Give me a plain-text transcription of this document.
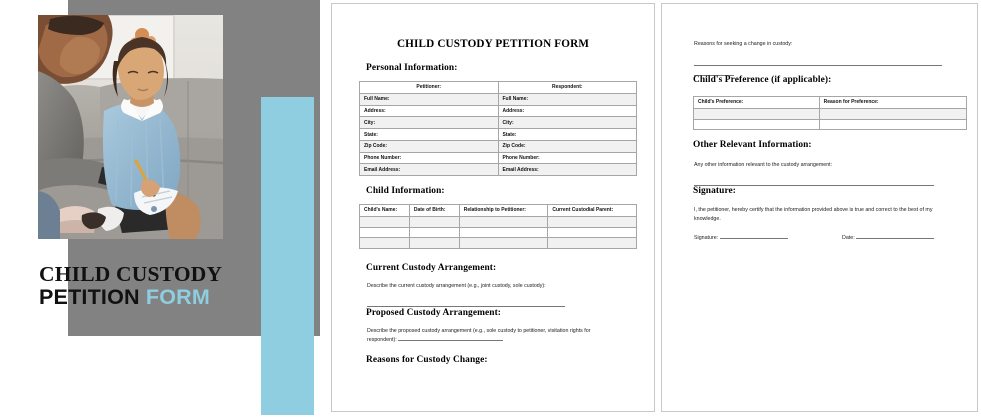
CHILD CUSTODY
PETITION FORM
CHILD CUSTODY PETITION FORM
Personal Information:
Petitioner:	Respondent:
Full Name:	Full Name:
Address:	Address:
City:	City:
State:	State:
Zip Code:	Zip Code:
Phone Number:	Phone Number:
Email Address:	Email Address:
Child Information:
Child's Name:	Date of Birth:	Relationship to Petitioner:	Current Custodial Parent:

Current Custody Arrangement:
Describe the current custody arrangement (e.g., joint custody, sole custody):
Proposed Custody Arrangement:
Describe the proposed custody arrangement (e.g., sole custody to petitioner, visitation rights for respondent):
Reasons for Custody Change:
Reasons for seeking a change in custody:
Child's Preference (if applicable):
Child's Preference:	Reason for Preference:

Other Relevant Information:
Any other information relevant to the custody arrangement:
Signature:
I, the petitioner, hereby certify that the information provided above is true and correct to the best of my knowledge.
Signature:	Date:
